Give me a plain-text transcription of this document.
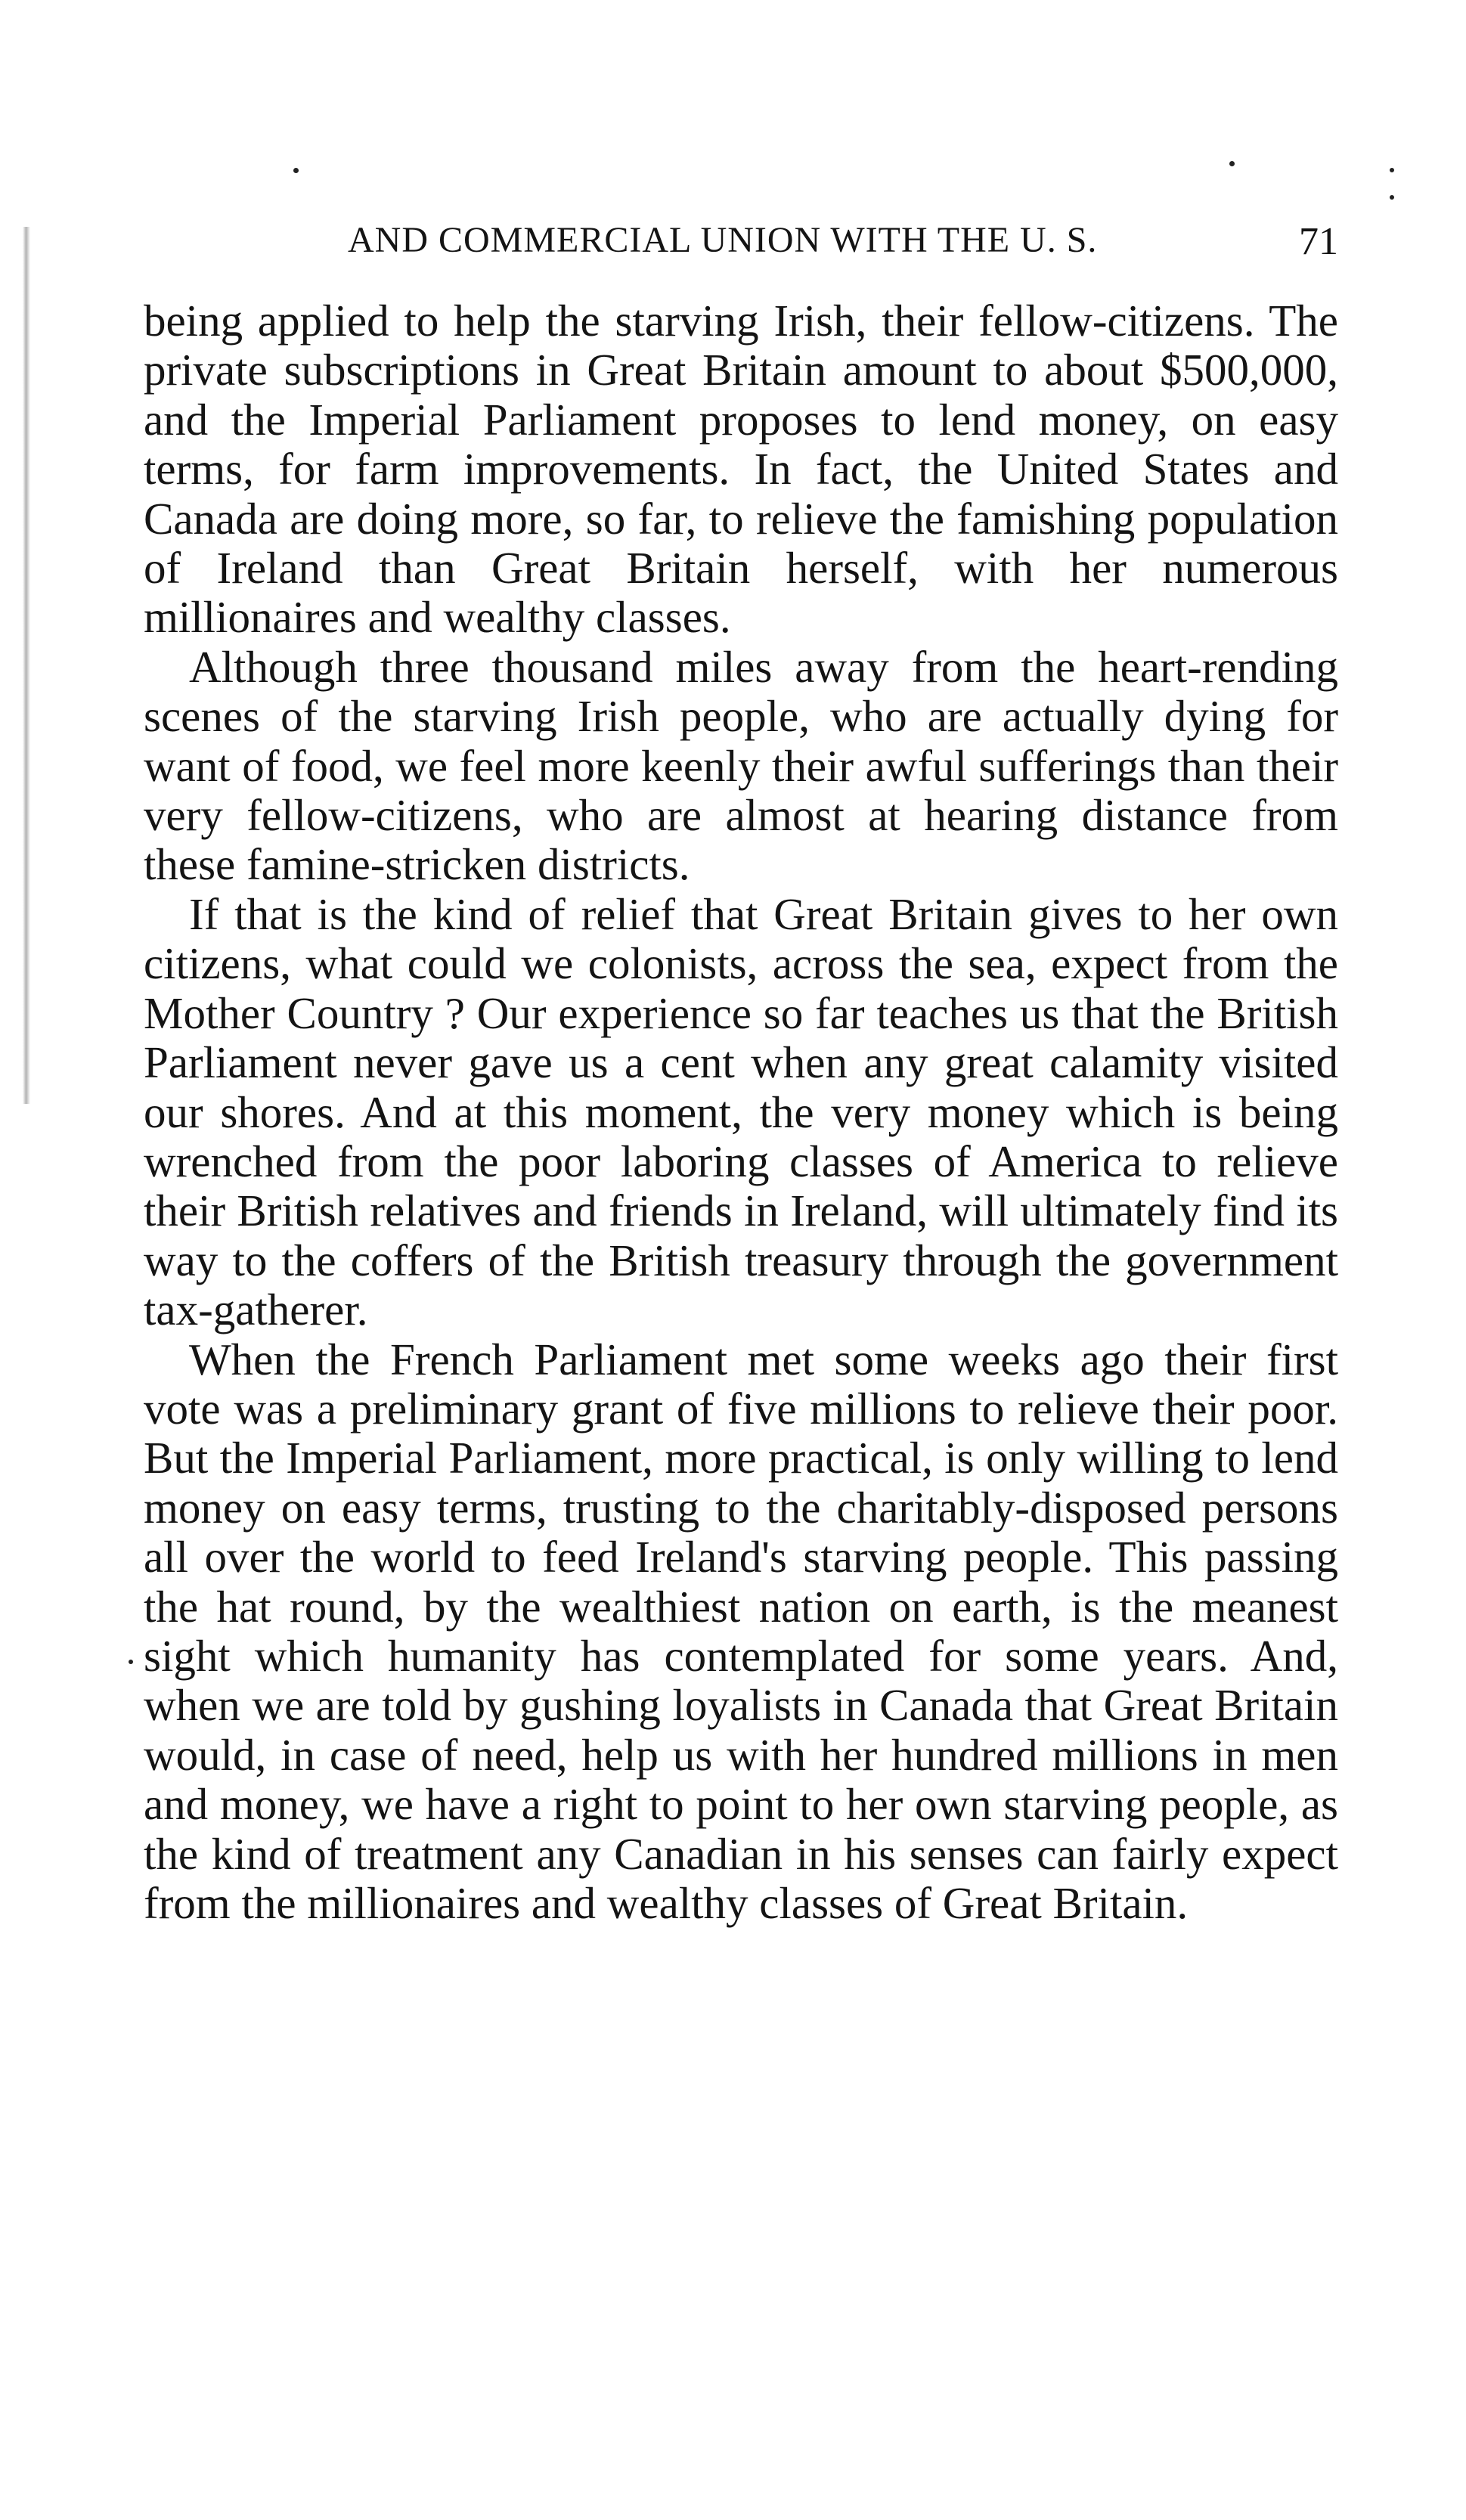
AND COMMERCIAL UNION WITH THE U. S.	71

being applied to help the starving Irish, their fellow-citizens. The private subscriptions in Great Britain amount to about $500,000, and the Imperial Parliament proposes to lend money, on easy terms, for farm improvements. In fact, the United States and Canada are doing more, so far, to relieve the famishing population of Ireland than Great Britain herself, with her numerous millionaires and wealthy classes.

Although three thousand miles away from the heart-rending scenes of the starving Irish people, who are actually dying for want of food, we feel more keenly their awful sufferings than their very fellow-citizens, who are almost at hearing distance from these famine-stricken districts.

If that is the kind of relief that Great Britain gives to her own citizens, what could we colonists, across the sea, expect from the Mother Country ? Our experience so far teaches us that the British Parliament never gave us a cent when any great calamity visited our shores. And at this moment, the very money which is being wrenched from the poor laboring classes of America to relieve their British relatives and friends in Ireland, will ultimately find its way to the coffers of the British treasury through the government tax-gatherer.

When the French Parliament met some weeks ago their first vote was a preliminary grant of five millions to relieve their poor. But the Imperial Parliament, more practical, is only willing to lend money on easy terms, trusting to the charitably-disposed persons all over the world to feed Ireland's starving people. This passing the hat round, by the wealthiest nation on earth, is the meanest sight which humanity has contemplated for some years. And, when we are told by gushing loyalists in Canada that Great Britain would, in case of need, help us with her hundred millions in men and money, we have a right to point to her own starving people, as the kind of treatment any Canadian in his senses can fairly expect from the millionaires and wealthy classes of Great Britain.
